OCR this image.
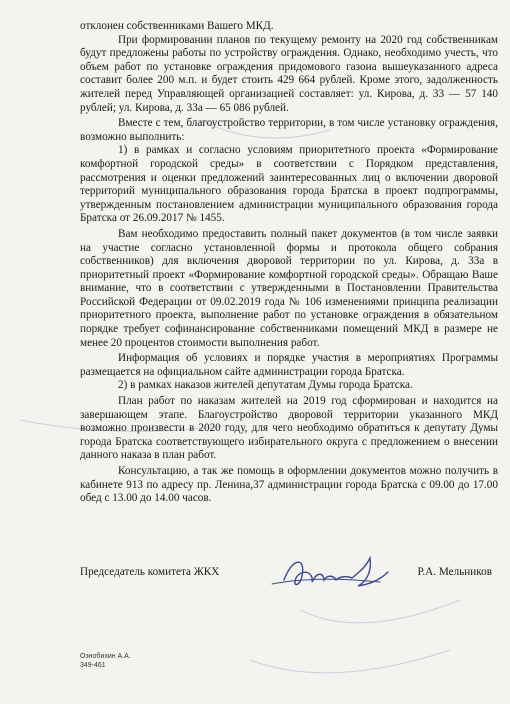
отклонен собственниками Вашего МКД.

При формировании планов по текущему ремонту на 2020 год собственникам будут предложены работы по устройству ограждения. Однако, необходимо учесть, что объем работ по установке ограждения придомового газона вышеуказанного адреса составит более 200 м.п. и будет стоить 429 664 рублей. Кроме этого, задолженность жителей перед Управляющей организацией составляет: ул. Кирова, д. 33 — 57 140 рублей; ул. Кирова, д. 33а — 65 086 рублей.

Вместе с тем, благоустройство территории, в том числе установку ограждения, возможно выполнить:

1) в рамках и согласно условиям приоритетного проекта «Формирование комфортной городской среды» в соответствии с Порядком представления, рассмотрения и оценки предложений заинтересованных лиц о включении дворовой территорий муниципального образования города Братска в проект подпрограммы, утвержденным постановлением администрации муниципального образования города Братска от 26.09.2017 № 1455.

Вам необходимо предоставить полный пакет документов (в том числе заявки на участие согласно установленной формы и протокола общего собрания собственников) для включения дворовой территории по ул. Кирова, д. 33а в приоритетный проект «Формирование комфортной городской среды». Обращаю Ваше внимание, что в соответствии с утвержденными в Постановлении Правительства Российской Федерации от 09.02.2019 года № 106 изменениями принципа реализации приоритетного проекта, выполнение работ по установке ограждения в обязательном порядке требует софинансирование собственниками помещений МКД в размере не менее 20 процентов стоимости выполнения работ.

Информация об условиях и порядке участия в мероприятиях Программы размещается на официальном сайте администрации города Братска.

2) в рамках наказов жителей депутатам Думы города Братска.

План работ по наказам жителей на 2019 год сформирован и находится на завершающем этапе. Благоустройство дворовой территории указанного МКД возможно произвести в 2020 году, для чего необходимо обратиться к депутату Думы города Братска соответствующего избирательного округа с предложением о внесении данного наказа в план работ.

Консультацию, а так же помощь в оформлении документов можно получить в кабинете 913 по адресу пр. Ленина,37 администрации города Братска с 09.00 до 17.00 обед с 13.00 до 14.00 часов.

Председатель комитета ЖКХ	Р.А. Мельников
Ознобихин А.А.
349-461
